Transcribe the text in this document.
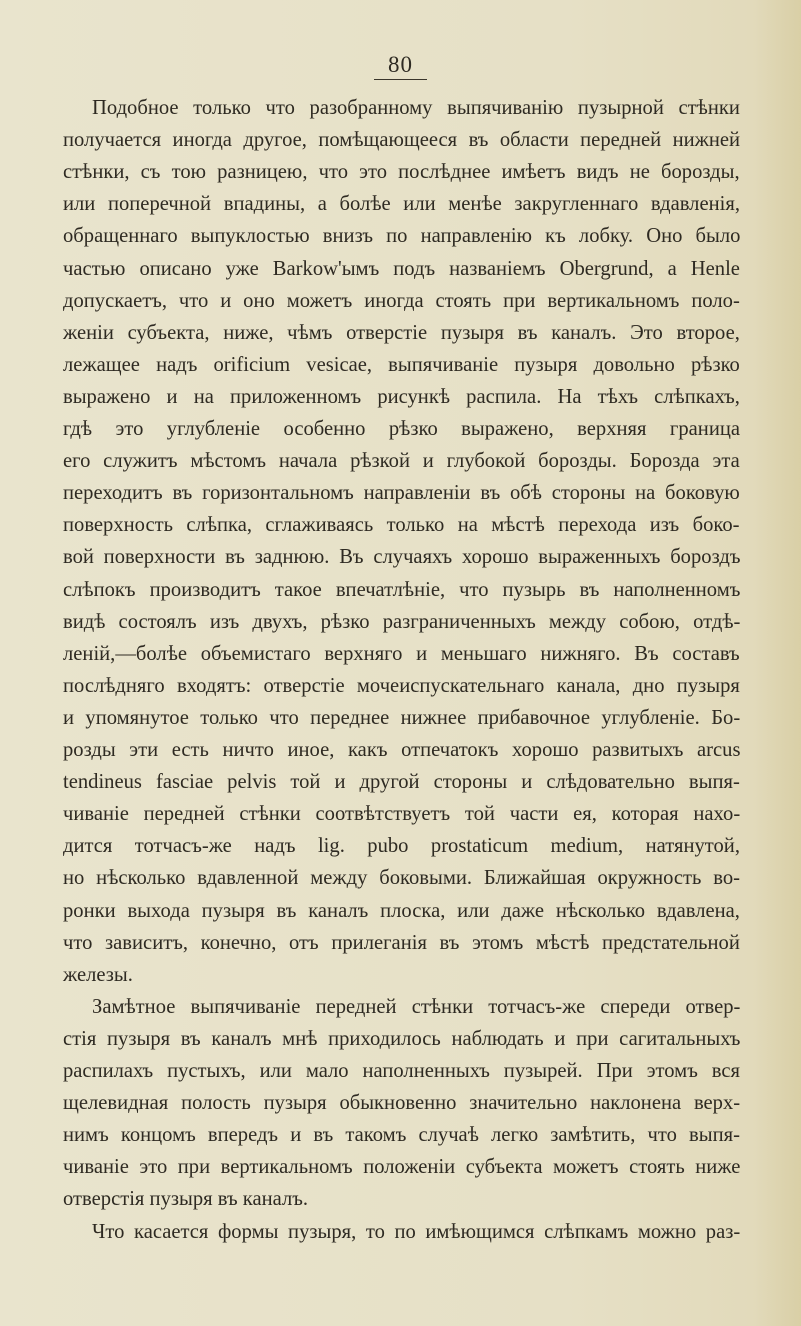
80
Подобное только что разобранному выпячиванію пузырной стѣнки
получается иногда другое, помѣщающееся въ области передней нижней
стѣнки, съ тою разницею, что это послѣднее имѣетъ видъ не борозды,
или поперечной впадины, а болѣе или менѣе закругленнаго вдавленія,
обращеннаго выпуклостью внизъ по направленію къ лобку. Оно было
частью описано уже Barkow'ымъ подъ названіемъ Obergrund, а Henle
допускаетъ, что и оно можетъ иногда стоять при вертикальномъ поло-
женіи субъекта, ниже, чѣмъ отверстіе пузыря въ каналъ. Это второе,
лежащее надъ orificium vesicae, выпячиваніе пузыря довольно рѣзко
выражено и на приложенномъ рисункѣ распила. На тѣхъ слѣпкахъ,
гдѣ это углубленіе особенно рѣзко выражено, верхняя граница
его служитъ мѣстомъ начала рѣзкой и глубокой борозды. Борозда эта
переходитъ въ горизонтальномъ направленіи въ обѣ стороны на боковую
поверхность слѣпка, сглаживаясь только на мѣстѣ перехода изъ боко-
вой поверхности въ заднюю. Въ случаяхъ хорошо выраженныхъ бороздъ
слѣпокъ производитъ такое впечатлѣніе, что пузырь въ наполненномъ
видѣ состоялъ изъ двухъ, рѣзко разграниченныхъ между собою, отдѣ-
леній,—болѣе объемистаго верхняго и меньшаго нижняго. Въ составъ
послѣдняго входятъ: отверстіе мочеиспускательнаго канала, дно пузыря
и упомянутое только что переднее нижнее прибавочное углубленіе. Бо-
розды эти есть ничто иное, какъ отпечатокъ хорошо развитыхъ arcus
tendineus fasciae pelvis той и другой стороны и слѣдовательно выпя-
чиваніе передней стѣнки соотвѣтствуетъ той части ея, которая нахо-
дится тотчасъ-же надъ lig. pubo prostaticum medium, натянутой,
но нѣсколько вдавленной между боковыми. Ближайшая окружность во-
ронки выхода пузыря въ каналъ плоска, или даже нѣсколько вдавлена,
что зависитъ, конечно, отъ прилеганія въ этомъ мѣстѣ предстательной
железы.
Замѣтное выпячиваніе передней стѣнки тотчасъ-же спереди отвер-
стія пузыря въ каналъ мнѣ приходилось наблюдать и при сагитальныхъ
распилахъ пустыхъ, или мало наполненныхъ пузырей. При этомъ вся
щелевидная полость пузыря обыкновенно значительно наклонена верх-
нимъ концомъ впередъ и въ такомъ случаѣ легко замѣтить, что выпя-
чиваніе это при вертикальномъ положеніи субъекта можетъ стоять ниже
отверстія пузыря въ каналъ.
Что касается формы пузыря, то по имѣющимся слѣпкамъ можно раз-
